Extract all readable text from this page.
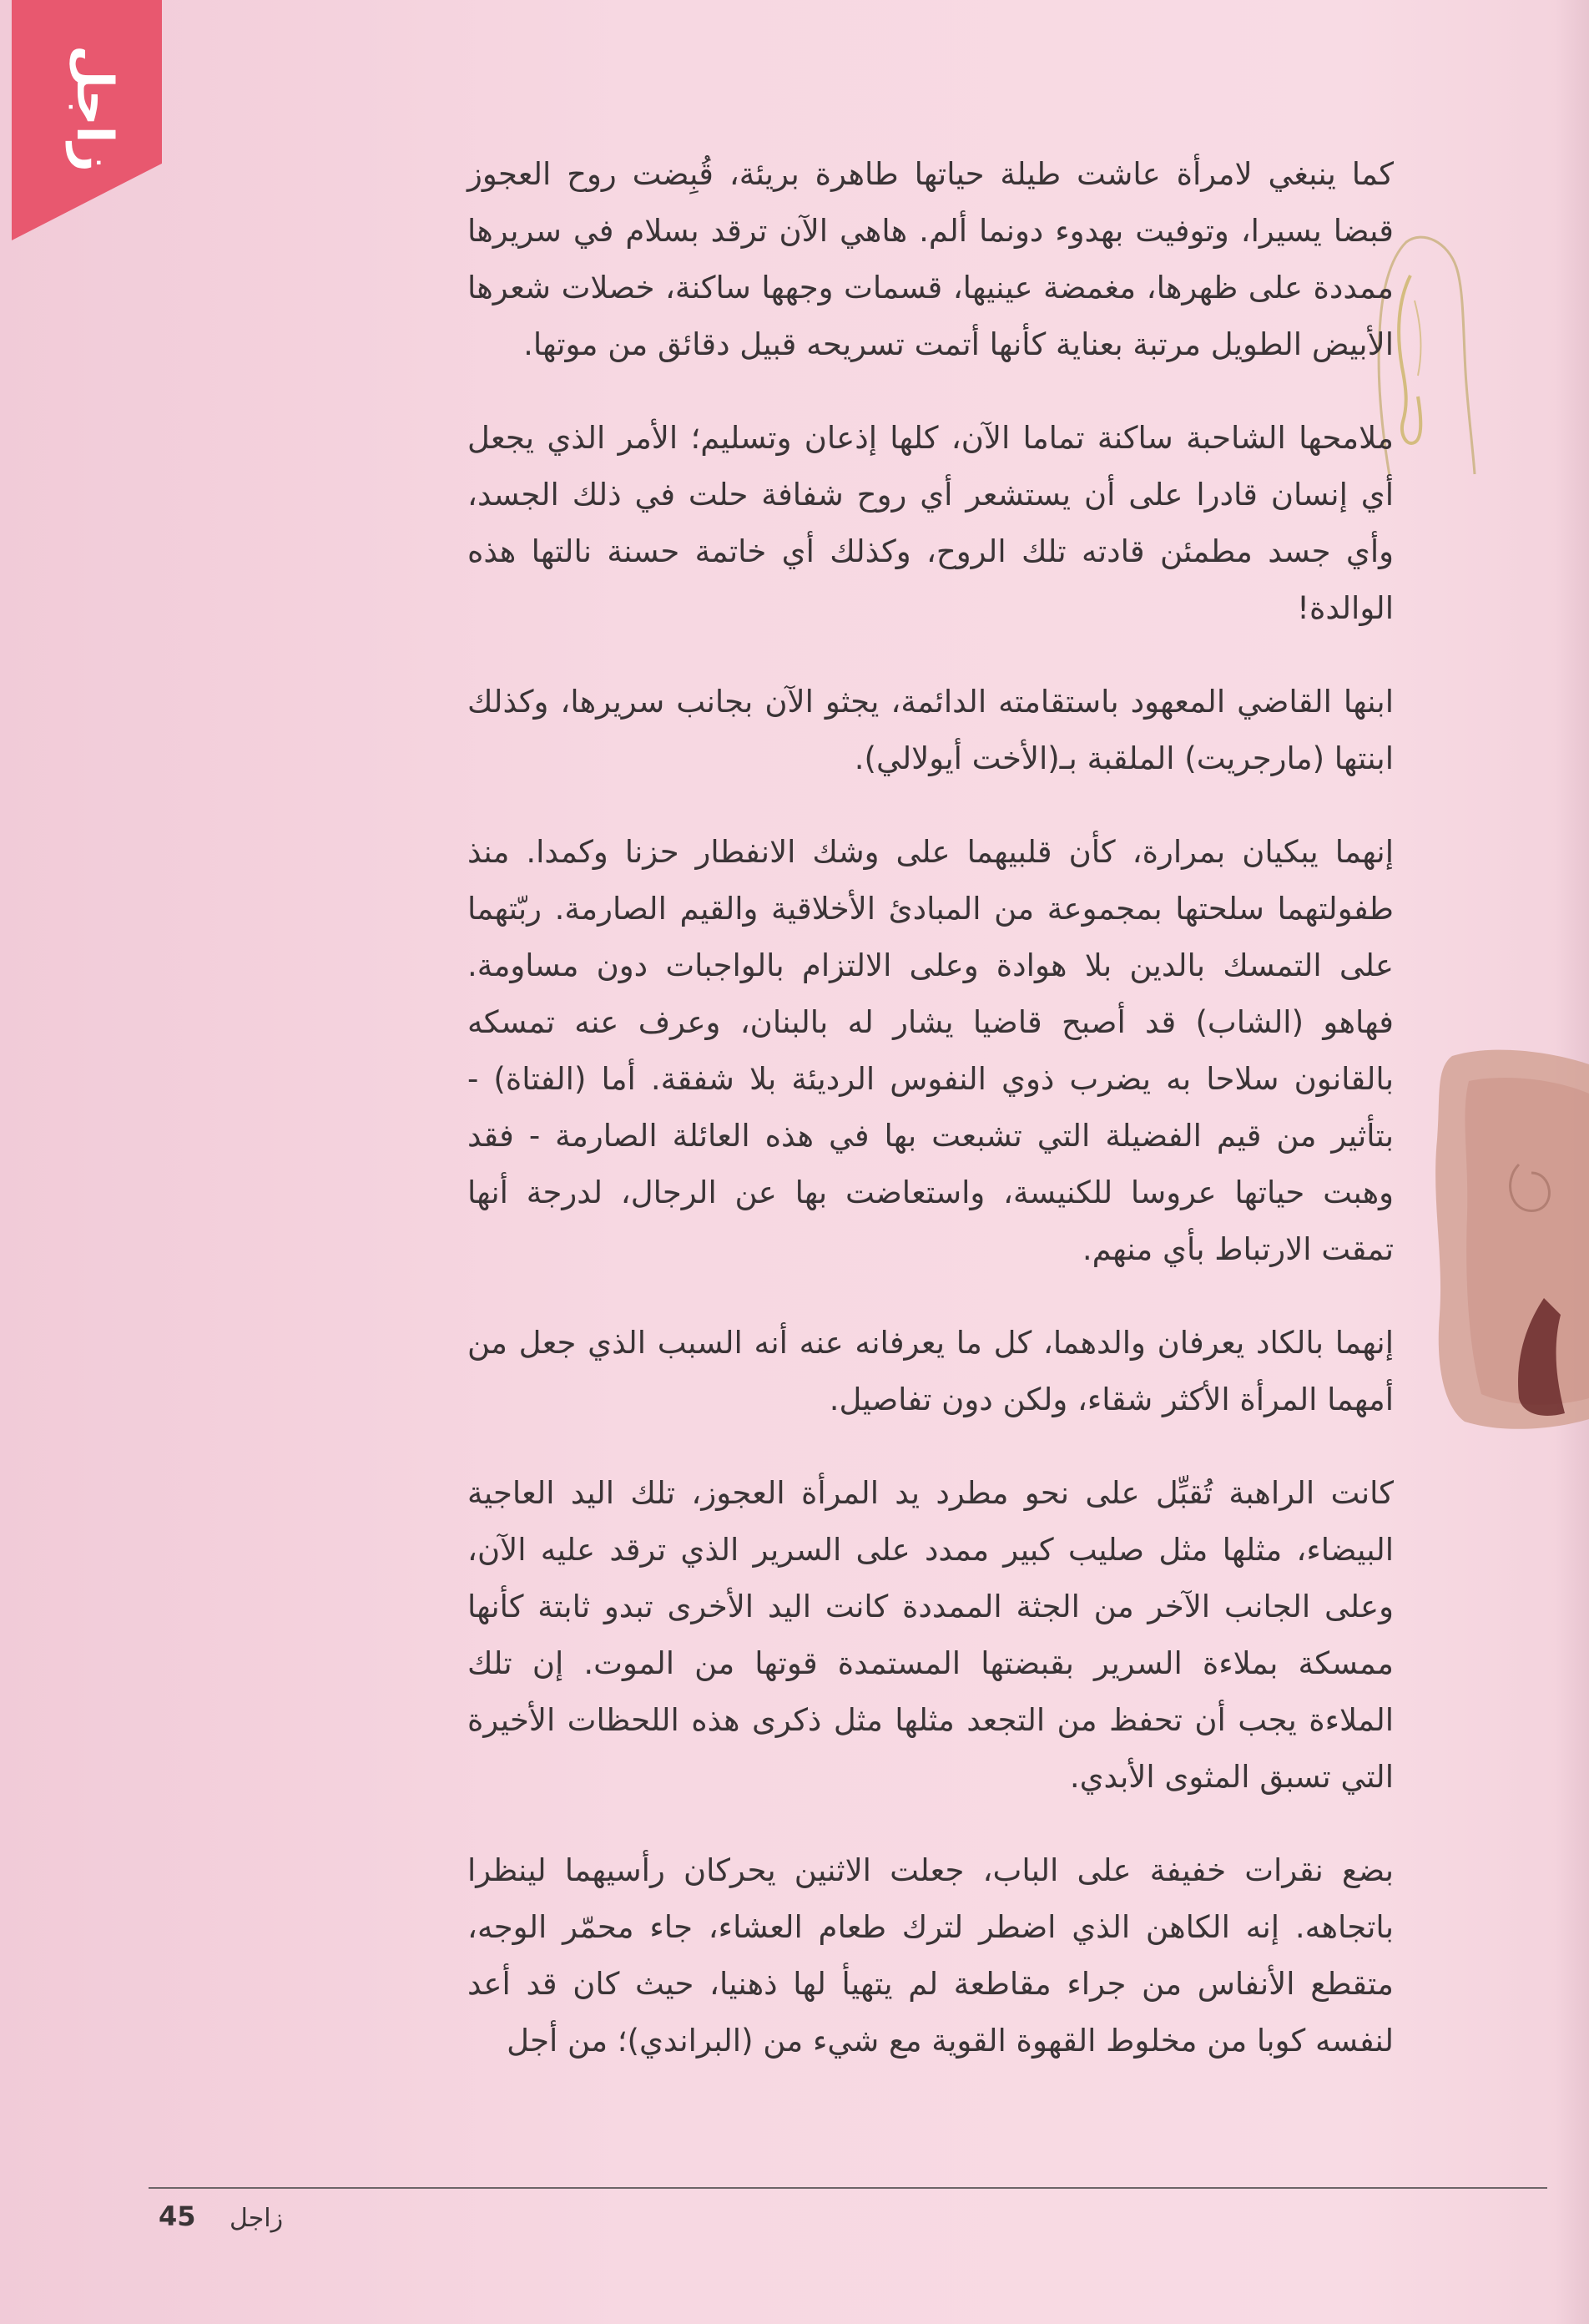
زاجل

كما ينبغي لامرأة عاشت طيلة حياتها طاهرة بريئة، قُبِضت روح العجوز قبضا يسيرا، وتوفيت بهدوء دونما ألم. هاهي الآن ترقد بسلام في سريرها ممددة على ظهرها، مغمضة عينيها، قسمات وجهها ساكنة، خصلات شعرها الأبيض الطويل مرتبة بعناية كأنها أتمت تسريحه قبيل دقائق من موتها.

ملامحها الشاحبة ساكنة تماما الآن، كلها إذعان وتسليم؛ الأمر الذي يجعل أي إنسان قادرا على أن يستشعر أي روح شفافة حلت في ذلك الجسد، وأي جسد مطمئن قادته تلك الروح، وكذلك أي خاتمة حسنة نالتها هذه الوالدة!

ابنها القاضي المعهود باستقامته الدائمة، يجثو الآن بجانب سريرها، وكذلك ابنتها (مارجريت) الملقبة بـ(الأخت أيولالي).

إنهما يبكيان بمرارة، كأن قلبيهما على وشك الانفطار حزنا وكمدا. منذ طفولتهما سلحتها بمجموعة من المبادئ الأخلاقية والقيم الصارمة. ربّتهما على التمسك بالدين بلا هوادة وعلى الالتزام بالواجبات دون مساومة. فهاهو (الشاب) قد أصبح قاضيا يشار له بالبنان، وعرف عنه تمسكه بالقانون سلاحا به يضرب ذوي النفوس الرديئة بلا شفقة. أما (الفتاة) - بتأثير من قيم الفضيلة التي تشبعت بها في هذه العائلة الصارمة - فقد وهبت حياتها عروسا للكنيسة، واستعاضت بها عن الرجال، لدرجة أنها تمقت الارتباط بأي منهم.

إنهما بالكاد يعرفان والدهما، كل ما يعرفانه عنه أنه السبب الذي جعل من أمهما المرأة الأكثر شقاء، ولكن دون تفاصيل.

كانت الراهبة تُقبِّل على نحو مطرد يد المرأة العجوز، تلك اليد العاجية البيضاء، مثلها مثل صليب كبير ممدد على السرير الذي ترقد عليه الآن، وعلى الجانب الآخر من الجثة الممددة كانت اليد الأخرى تبدو ثابتة كأنها ممسكة بملاءة السرير بقبضتها المستمدة قوتها من الموت. إن تلك الملاءة يجب أن تحفظ من التجعد مثلها مثل ذكرى هذه اللحظات الأخيرة التي تسبق المثوى الأبدي.

بضع نقرات خفيفة على الباب، جعلت الاثنين يحركان رأسيهما لينظرا باتجاهه. إنه الكاهن الذي اضطر لترك طعام العشاء، جاء محمّر الوجه، متقطع الأنفاس من جراء مقاطعة لم يتهيأ لها ذهنيا، حيث كان قد أعد لنفسه كوبا من مخلوط القهوة القوية مع شيء من (البراندي)؛ من أجل

45 زاجل
